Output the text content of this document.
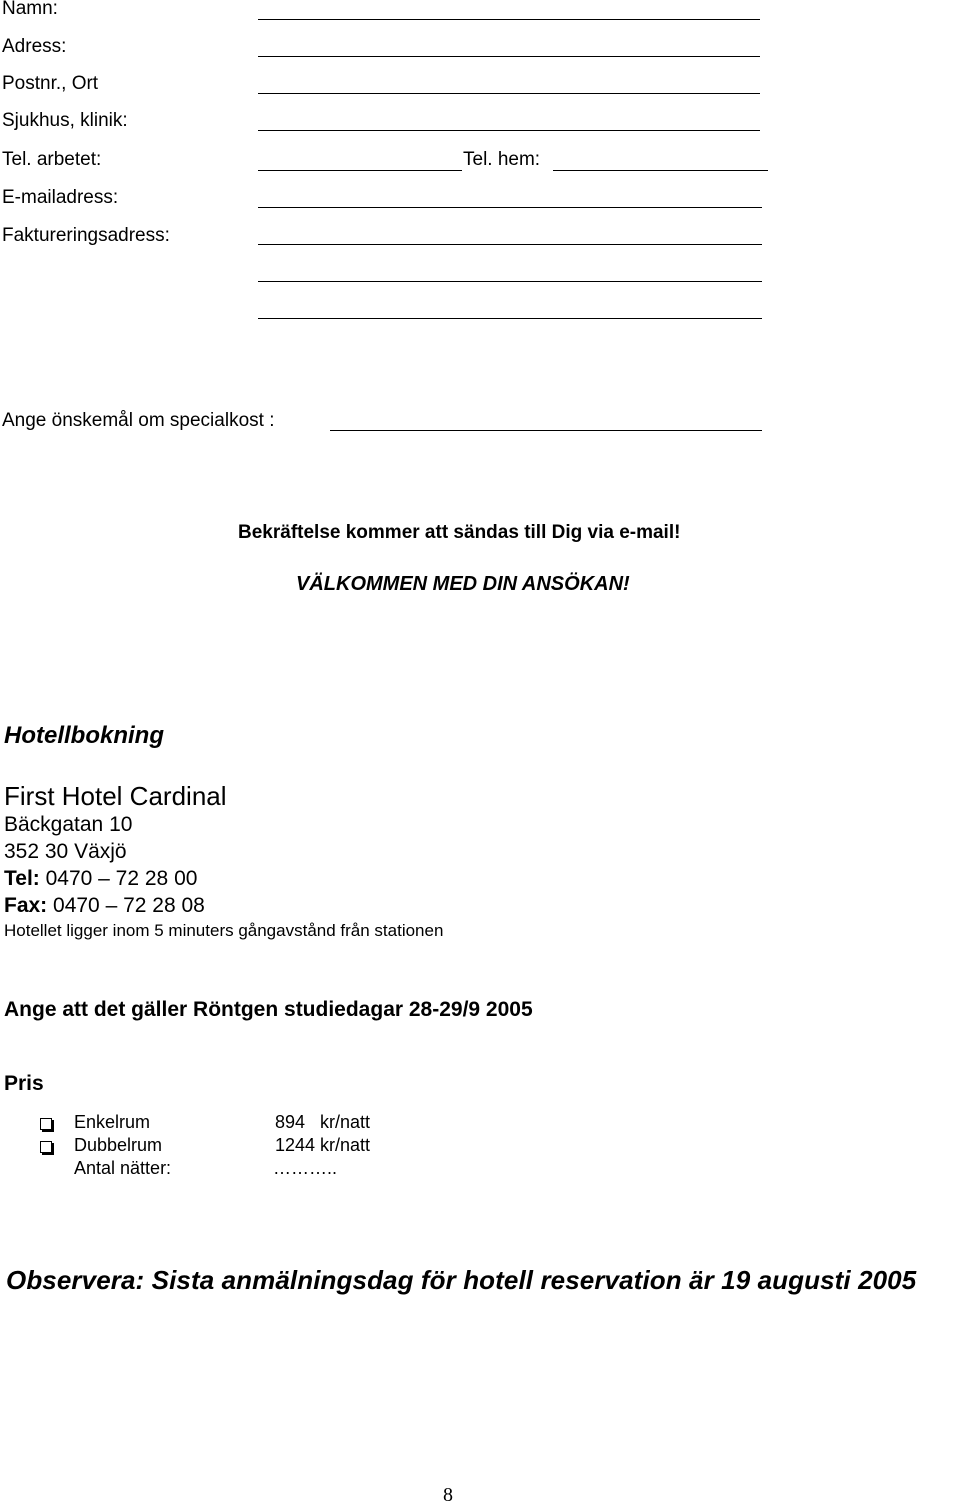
Namn:
Adress:
Postnr., Ort
Sjukhus, klinik:
Tel. arbetet:	Tel. hem:
E-mailadress:
Faktureringsadress:
Ange önskemål om specialkost :
Bekräftelse kommer att sändas till Dig via e-mail!
VÄLKOMMEN MED DIN ANSÖKAN!
Hotellbokning
First Hotel Cardinal
Bäckgatan 10
352 30 Växjö
Tel: 0470 – 72 28 00
Fax: 0470 – 72 28 08
Hotellet ligger inom 5 minuters gångavstånd från stationen
Ange att det gäller Röntgen studiedagar 28-29/9 2005
Pris
Enkelrum	894   kr/natt
Dubbelrum	1244 kr/natt
Antal nätter:	………..
Observera: Sista anmälningsdag för hotell reservation är 19 augusti 2005
8
